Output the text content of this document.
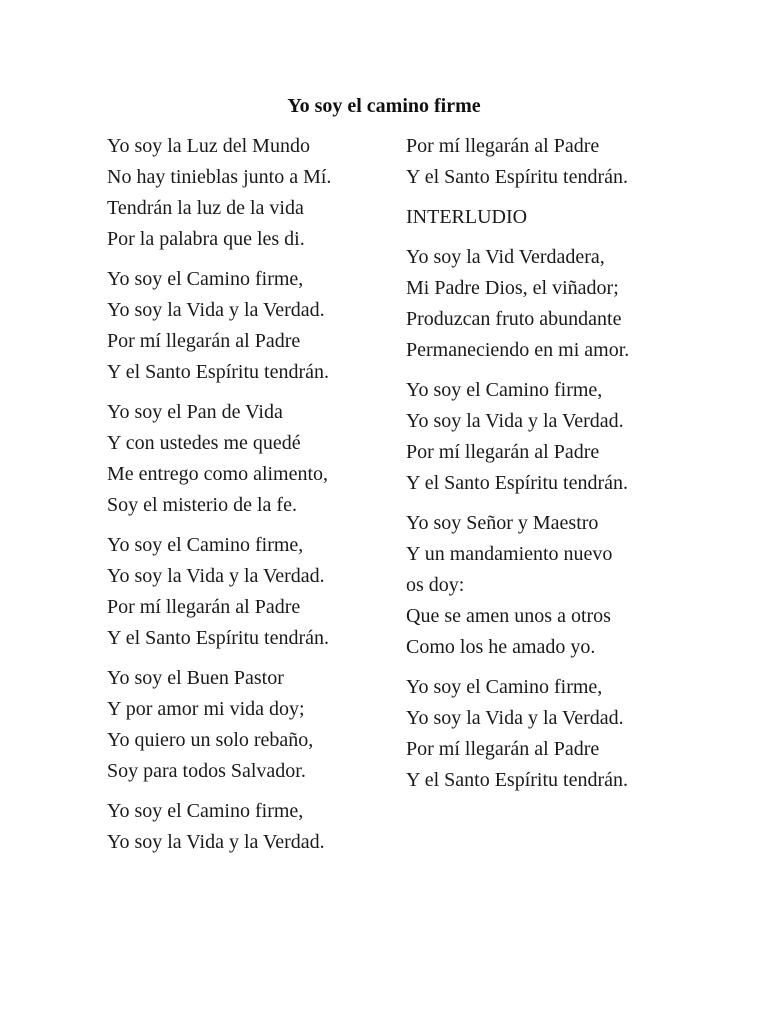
Yo soy el camino firme
Yo soy la Luz del Mundo
No hay tinieblas junto a Mí.
Tendrán la luz de la vida
Por la palabra que les di.
Yo soy el Camino firme,
Yo soy la Vida y la Verdad.
Por mí llegarán al Padre
Y el Santo Espíritu tendrán.
Yo soy el Pan de Vida
Y con ustedes me quedé
Me entrego como alimento,
Soy el misterio de la fe.
Yo soy el Camino firme,
Yo soy la Vida y la Verdad.
Por mí llegarán al Padre
Y el Santo Espíritu tendrán.
Yo soy el Buen Pastor
Y por amor mi vida doy;
Yo quiero un solo rebaño,
Soy para todos Salvador.
Yo soy el Camino firme,
Yo soy la Vida y la Verdad.
Por mí llegarán al Padre
Y el Santo Espíritu tendrán.
INTERLUDIO
Yo soy la Vid Verdadera,
Mi Padre Dios, el viñador;
Produzcan fruto abundante
Permaneciendo en mi amor.
Yo soy el Camino firme,
Yo soy la Vida y la Verdad.
Por mí llegarán al Padre
Y el Santo Espíritu tendrán.
Yo soy Señor y Maestro
Y un mandamiento nuevo
os doy:
Que se amen unos a otros
Como los he amado yo.
Yo soy el Camino firme,
Yo soy la Vida y la Verdad.
Por mí llegarán al Padre
Y el Santo Espíritu tendrán.
